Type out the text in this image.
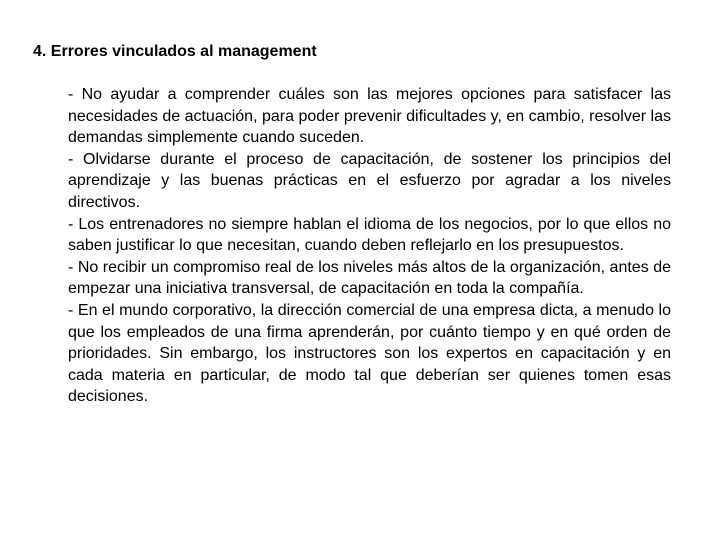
4. Errores vinculados al management

- No ayudar a comprender cuáles son las mejores opciones para satisfacer las necesidades de actuación, para poder prevenir dificultades y, en cambio, resolver las demandas simplemente cuando suceden.

- Olvidarse durante el proceso de capacitación, de sostener los principios del aprendizaje y las buenas prácticas en el esfuerzo por agradar a los niveles directivos.

- Los entrenadores no siempre hablan el idioma de los negocios, por lo que ellos no saben justificar lo que necesitan, cuando deben reflejarlo en los presupuestos.

- No recibir un compromiso real de los niveles más altos de la organización, antes de empezar una iniciativa transversal, de capacitación en toda la compañía.

- En el mundo corporativo, la dirección comercial de una empresa dicta, a menudo lo que los empleados de una firma aprenderán, por cuánto tiempo y en qué orden de prioridades. Sin embargo, los instructores son los expertos en capacitación y en cada materia en particular, de modo tal que deberían ser quienes tomen esas decisiones.
